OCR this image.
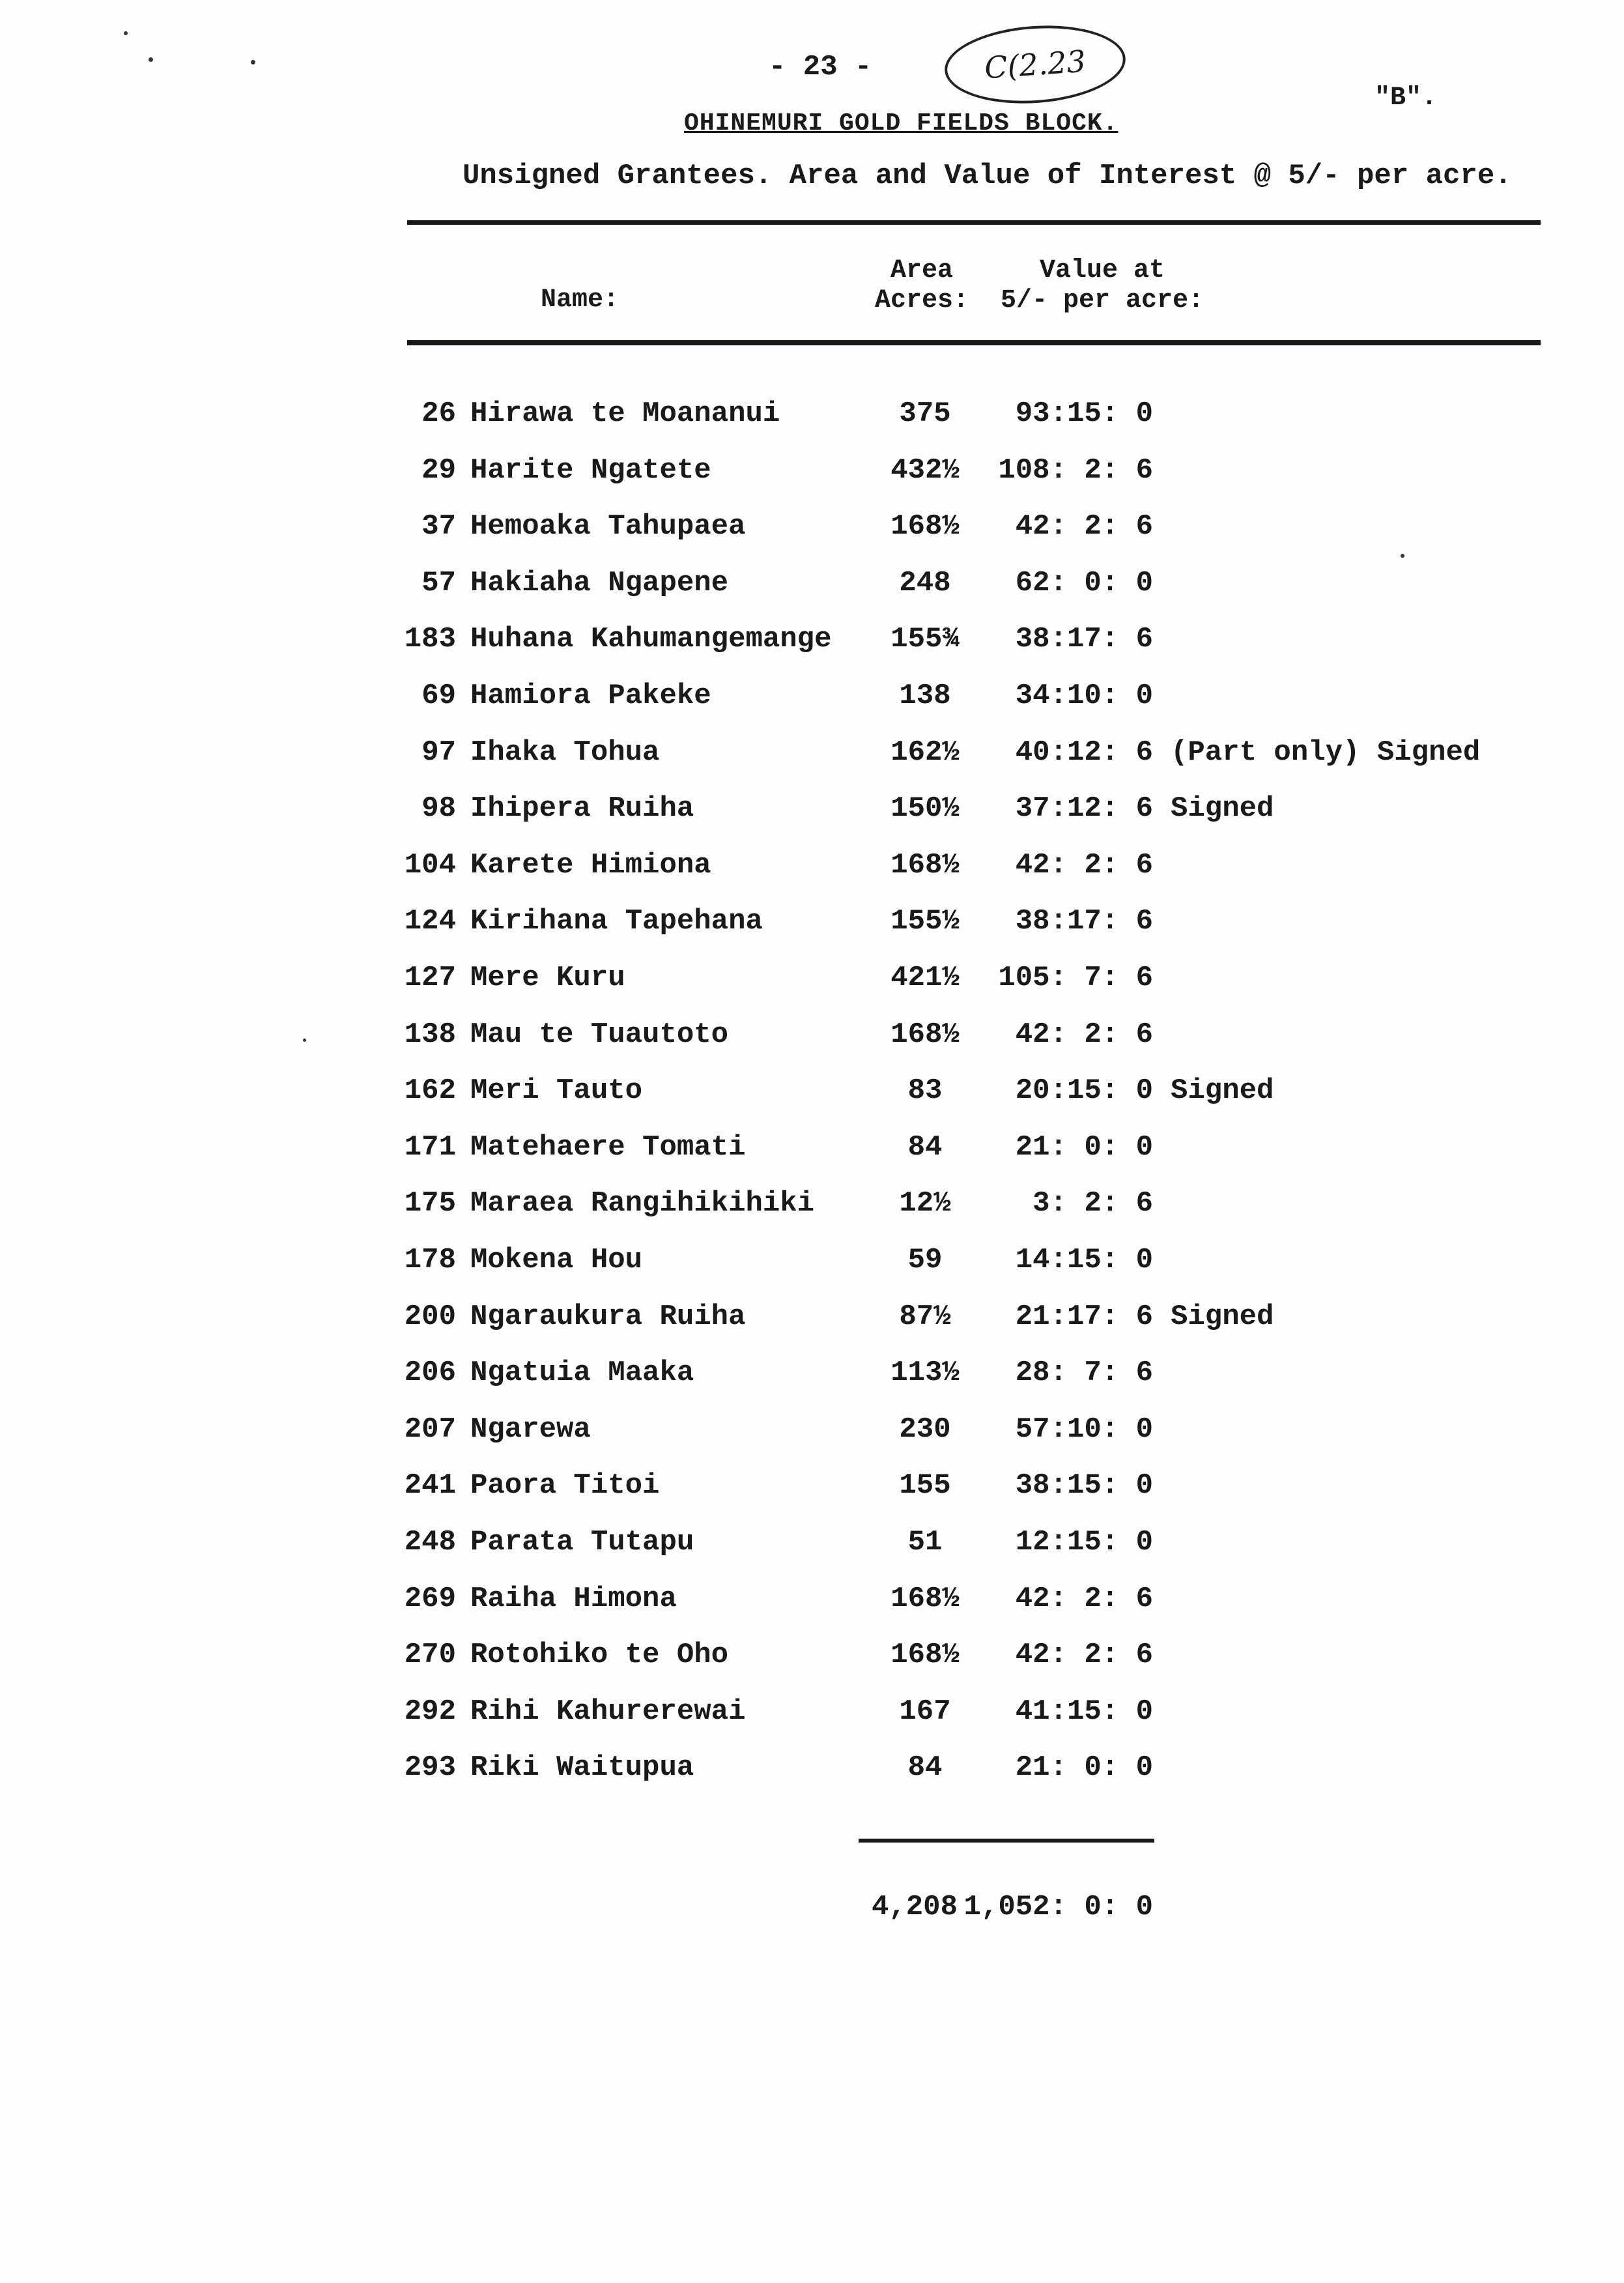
- 23 -	C(2.23
"B".
OHINEMURI GOLD FIELDS BLOCK.
Unsigned Grantees. Area and Value of Interest @ 5/- per acre.
Name:
Area
Acres:
Value at
5/- per acre:
26 Hirawa te Moananui	375	93:15: 0
29 Harite Ngatete	432½	108: 2: 6
37 Hemoaka Tahupaea	168½	42: 2: 6
57 Hakiaha Ngapene	248	62: 0: 0
183 Huhana Kahumangemange	155¾	38:17: 6
69 Hamiora Pakeke	138	34:10: 0
97 Ihaka Tohua	162½	40:12: 6 (Part only) Signed
98 Ihipera Ruiha	150½	37:12: 6 Signed
104 Karete Himiona	168½	42: 2: 6
124 Kirihana Tapehana	155½	38:17: 6
127 Mere Kuru	421½	105: 7: 6
138 Mau te Tuautoto	168½	42: 2: 6
162 Meri Tauto	83	20:15: 0 Signed
171 Matehaere Tomati	84	21: 0: 0
175 Maraea Rangihikihiki	12½	3: 2: 6
178 Mokena Hou	59	14:15: 0
200 Ngaraukura Ruiha	87½	21:17: 6 Signed
206 Ngatuia Maaka	113½	28: 7: 6
207 Ngarewa	230	57:10: 0
241 Paora Titoi	155	38:15: 0
248 Parata Tutapu	51	12:15: 0
269 Raiha Himona	168½	42: 2: 6
270 Rotohiko te Oho	168½	42: 2: 6
292 Rihi Kahurerewai	167	41:15: 0
293 Riki Waitupua	84	21: 0: 0
4,208 1,052: 0: 0
